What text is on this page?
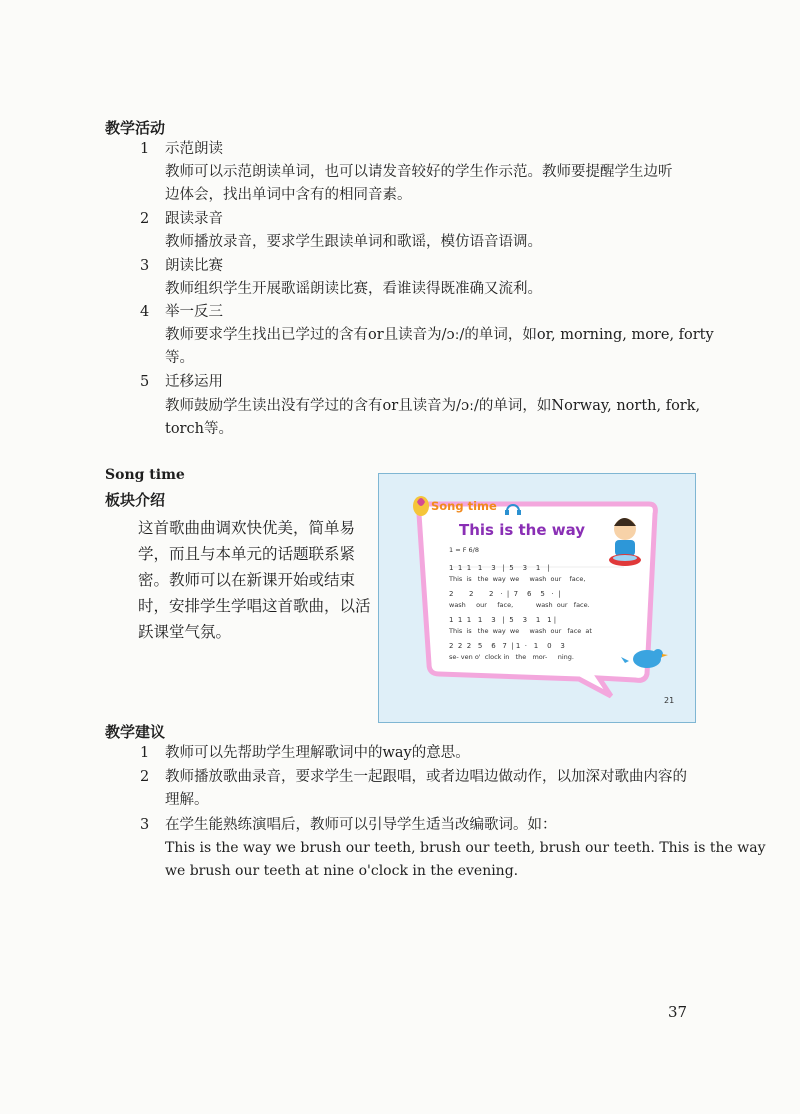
教学活动
1 示范朗读
教师可以示范朗读单词，也可以请发音较好的学生作示范。教师要提醒学生边听
边体会，找出单词中含有的相同音素。
2 跟读录音
教师播放录音，要求学生跟读单词和歌谣，模仿语音语调。
3 朗读比赛
教师组织学生开展歌谣朗读比赛，看谁读得既准确又流利。
4 举一反三
教师要求学生找出已学过的含有or且读音为/ɔː/的单词，如or, morning, more, forty
等。
5 迁移运用
教师鼓励学生读出没有学过的含有or且读音为/ɔː/的单词，如Norway, north, fork,
torch等。
Song time
板块介绍
这首歌曲曲调欢快优美，简单易
学，而且与本单元的话题联系紧
密。教师可以在新课开始或结束
时，安排学生学唱这首歌曲，以活
跃课堂气氛。
Song time
This is the way
1 = F 6/8
1  1  1   1    3   |  5    3    1   |
This  is   the  way  we     wash  our    face,
2       2       2   ·  |  7    6    5   ·  |
wash     our     face,           wash  our   face.
1  1  1   1    3   |  5    3    1   1 |
This  is   the  way  we     wash  our   face  at
2  2  2   5    6   7  | 1  ·   1    0    3
se- ven o'  clock in   the   mor-     ning.
21
教学建议
1 教师可以先帮助学生理解歌词中的way的意思。
2 教师播放歌曲录音，要求学生一起跟唱，或者边唱边做动作，以加深对歌曲内容的
理解。
3 在学生能熟练演唱后，教师可以引导学生适当改编歌词。如：
This is the way we brush our teeth, brush our teeth, brush our teeth. This is the way
we brush our teeth at nine o'clock in the evening.
37
